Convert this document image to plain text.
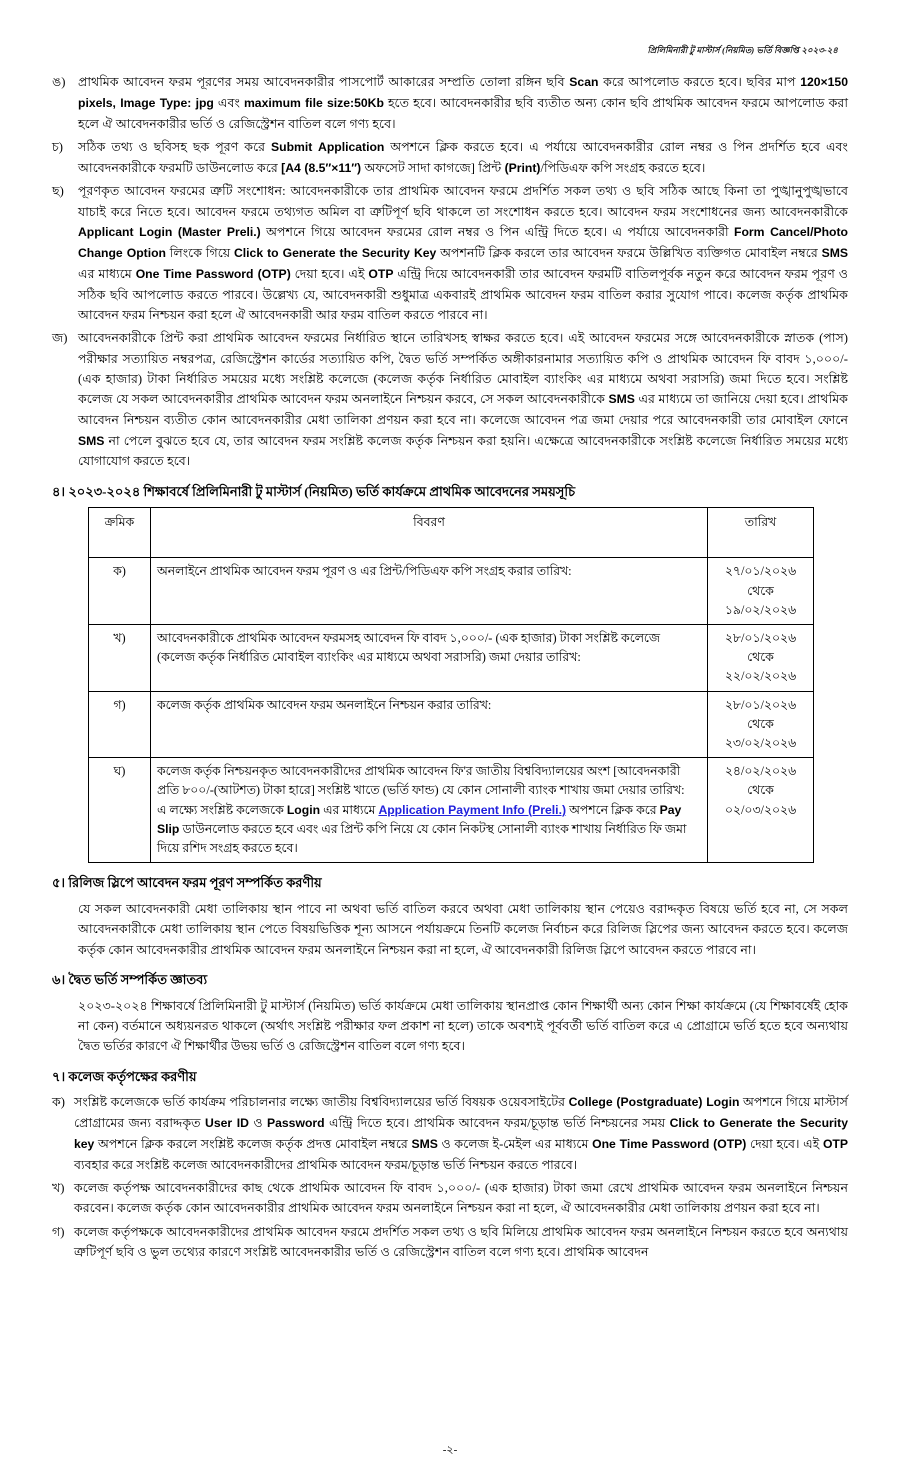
প্রিলিমিনারী টু মাস্টার্স (নিয়মিত) ভর্তি বিজ্ঞপ্তি ২০২৩-২৪
ঙ) প্রাথমিক আবেদন ফরম পূরণের সময় আবেদনকারীর পাসপোর্ট আকারের সম্প্রতি তোলা রঙ্গিন ছবি Scan করে আপলোড করতে হবে। ছবির মাপ 120×150 pixels, Image Type: jpg এবং maximum file size:50Kb হতে হবে। আবেদনকারীর ছবি ব্যতীত অন্য কোন ছবি প্রাথমিক আবেদন ফরমে আপলোড করা হলে ঐ আবেদনকারীর ভর্তি ও রেজিস্ট্রেশন বাতিল বলে গণ্য হবে।
চ)	সঠিক তথ্য ও ছবিসহ ছক পূরণ করে Submit Application অপশনে ক্লিক করতে হবে। এ পর্যায়ে আবেদনকারীর রোল নম্বর ও পিন প্রদর্শিত হবে এবং আবেদনকারীকে ফরমটি ডাউনলোড করে [A4 (8.5″×11″) অফসেট সাদা কাগজে] প্রিন্ট (Print)/পিডিএফ কপি সংগ্রহ করতে হবে।
ছ)	পূরণকৃত আবেদন ফরমের ত্রুটি সংশোধন: আবেদনকারীকে তার প্রাথমিক আবেদন ফরমে প্রদর্শিত সকল তথ্য ও ছবি সঠিক আছে কিনা তা পুঙ্খানুপুঙ্খভাবে যাচাই করে নিতে হবে। আবেদন ফরমে তথ্যগত অমিল বা ত্রুটিপূর্ণ ছবি থাকলে তা সংশোধন করতে হবে। আবেদন ফরম সংশোধনের জন্য আবেদনকারীকে Applicant Login (Master Preli.) অপশনে গিয়ে আবেদন ফরমের রোল নম্বর ও পিন এন্ট্রি দিতে হবে। এ পর্যায়ে আবেদনকারী Form Cancel/Photo Change Option লিংকে গিয়ে Click to Generate the Security Key অপশনটি ক্লিক করলে তার আবেদন ফরমে উল্লিখিত ব্যক্তিগত মোবাইল নম্বরে SMS এর মাধ্যমে One Time Password (OTP) দেয়া হবে। এই OTP এন্ট্রি দিয়ে আবেদনকারী তার আবেদন ফরমটি বাতিলপূর্বক নতুন করে আবেদন ফরম পূরণ ও সঠিক ছবি আপলোড করতে পারবে। উল্লেখ্য যে, আবেদনকারী শুধুমাত্র একবারই প্রাথমিক আবেদন ফরম বাতিল করার সুযোগ পাবে। কলেজ কর্তৃক প্রাথমিক আবেদন ফরম নিশ্চয়ন করা হলে ঐ আবেদনকারী আর ফরম বাতিল করতে পারবে না।
জ) আবেদনকারীকে প্রিন্ট করা প্রাথমিক আবেদন ফরমের নির্ধারিত স্থানে তারিখসহ স্বাক্ষর করতে হবে। এই আবেদন ফরমের সঙ্গে আবেদনকারীকে স্নাতক (পাস) পরীক্ষার সত্যায়িত নম্বরপত্র, রেজিস্ট্রেশন কার্ডের সত্যায়িত কপি, দ্বৈত ভর্তি সম্পর্কিত অঙ্গীকারনামার সত্যায়িত কপি ও প্রাথমিক আবেদন ফি বাবদ ১,০০০/- (এক হাজার) টাকা নির্ধারিত সময়ের মধ্যে সংশ্লিষ্ট কলেজে (কলেজ কর্তৃক নির্ধারিত মোবাইল ব্যাংকিং এর মাধ্যমে অথবা সরাসরি) জমা দিতে হবে। সংশ্লিষ্ট কলেজ যে সকল আবেদনকারীর প্রাথমিক আবেদন ফরম অনলাইনে নিশ্চয়ন করবে, সে সকল আবেদনকারীকে SMS এর মাধ্যমে তা জানিয়ে দেয়া হবে। প্রাথমিক আবেদন নিশ্চয়ন ব্যতীত কোন আবেদনকারীর মেধা তালিকা প্রণয়ন করা হবে না। কলেজে আবেদন পত্র জমা দেয়ার পরে আবেদনকারী তার মোবাইল ফোনে SMS না পেলে বুঝতে হবে যে, তার আবেদন ফরম সংশ্লিষ্ট কলেজ কর্তৃক নিশ্চয়ন করা হয়নি। এক্ষেত্রে আবেদনকারীকে সংশ্লিষ্ট কলেজে নির্ধারিত সময়ের মধ্যে যোগাযোগ করতে হবে।
৪। ২০২৩-২০২৪ শিক্ষাবর্ষে প্রিলিমিনারী টু মাস্টার্স (নিয়মিত) ভর্তি কার্যক্রমে প্রাথমিক আবেদনের সময়সূচি
ক্রমিক	বিবরণ	তারিখ
ক)	অনলাইনে প্রাথমিক আবেদন ফরম পূরণ ও এর প্রিন্ট/পিডিএফ কপি সংগ্রহ করার তারিখ:	২৭/০১/২০২৬
থেকে
১৯/০২/২০২৬
খ)	আবেদনকারীকে প্রাথমিক আবেদন ফরমসহ আবেদন ফি বাবদ ১,০০০/- (এক হাজার) টাকা সংশ্লিষ্ট কলেজে (কলেজ কর্তৃক নির্ধারিত মোবাইল ব্যাংকিং এর মাধ্যমে অথবা সরাসরি) জমা দেয়ার তারিখ:	২৮/০১/২০২৬
থেকে
২২/০২/২০২৬
গ)	কলেজ কর্তৃক প্রাথমিক আবেদন ফরম অনলাইনে নিশ্চয়ন করার তারিখ:	২৮/০১/২০২৬
থেকে
২৩/০২/২০২৬
ঘ)	কলেজ কর্তৃক নিশ্চয়নকৃত আবেদনকারীদের প্রাথমিক আবেদন ফি'র জাতীয় বিশ্ববিদ্যালয়ের অংশ [আবেদনকারী প্রতি ৮০০/-(আটশত) টাকা হারে] সংশ্লিষ্ট খাতে (ভর্তি ফান্ড) যে কোন সোনালী ব্যাংক শাখায় জমা দেয়ার তারিখ:
এ লক্ষ্যে সংশ্লিষ্ট কলেজকে Login এর মাধ্যমে Application Payment Info (Preli.) অপশনে ক্লিক করে Pay Slip ডাউনলোড করতে হবে এবং এর প্রিন্ট কপি নিয়ে যে কোন নিকটস্থ সোনালী ব্যাংক শাখায় নির্ধারিত ফি জমা দিয়ে রশিদ সংগ্রহ করতে হবে।
	২৪/০২/২০২৬
থেকে
০২/০৩/২০২৬
৫। রিলিজ স্লিপে আবেদন ফরম পূরণ সম্পর্কিত করণীয়
যে সকল আবেদনকারী মেধা তালিকায় স্থান পাবে না অথবা ভর্তি বাতিল করবে অথবা মেধা তালিকায় স্থান পেয়েও বরাদ্দকৃত বিষয়ে ভর্তি হবে না, সে সকল আবেদনকারীকে মেধা তালিকায় স্থান পেতে বিষয়ভিত্তিক শূন্য আসনে পর্যায়ক্রমে তিনটি কলেজ নির্বাচন করে রিলিজ স্লিপের জন্য আবেদন করতে হবে। কলেজ কর্তৃক কোন আবেদনকারীর প্রাথমিক আবেদন ফরম অনলাইনে নিশ্চয়ন করা না হলে, ঐ আবেদনকারী রিলিজ স্লিপে আবেদন করতে পারবে না।
৬। দ্বৈত ভর্তি সম্পর্কিত জ্ঞাতব্য
২০২৩-২০২৪ শিক্ষাবর্ষে প্রিলিমিনারী টু মাস্টার্স (নিয়মিত) ভর্তি কার্যক্রমে মেধা তালিকায় স্থানপ্রাপ্ত কোন শিক্ষার্থী অন্য কোন শিক্ষা কার্যক্রমে (যে শিক্ষাবর্ষেই হোক না কেন) বর্তমানে অধ্যয়নরত থাকলে (অর্থাৎ সংশ্লিষ্ট পরীক্ষার ফল প্রকাশ না হলে) তাকে অবশ্যই পূর্ববর্তী ভর্তি বাতিল করে এ প্রোগ্রামে ভর্তি হতে হবে অন্যথায় দ্বৈত ভর্তির কারণে ঐ শিক্ষার্থীর উভয় ভর্তি ও রেজিস্ট্রেশন বাতিল বলে গণ্য হবে।
৭। কলেজ কর্তৃপক্ষের করণীয়
ক) সংশ্লিষ্ট কলেজকে ভর্তি কার্যক্রম পরিচালনার লক্ষ্যে জাতীয় বিশ্ববিদ্যালয়ের ভর্তি বিষয়ক ওয়েবসাইটের College (Postgraduate) Login অপশনে গিয়ে মাস্টার্স প্রোগ্রামের জন্য বরাদ্দকৃত User ID ও Password এন্ট্রি দিতে হবে। প্রাথমিক আবেদন ফরম/চূড়ান্ত ভর্তি নিশ্চয়নের সময় Click to Generate the Security key অপশনে ক্লিক করলে সংশ্লিষ্ট কলেজ কর্তৃক প্রদত্ত মোবাইল নম্বরে SMS ও কলেজ ই-মেইল এর মাধ্যমে One Time Password (OTP) দেয়া হবে। এই OTP ব্যবহার করে সংশ্লিষ্ট কলেজ আবেদনকারীদের প্রাথমিক আবেদন ফরম/চূড়ান্ত ভর্তি নিশ্চয়ন করতে পারবে।
খ) কলেজ কর্তৃপক্ষ আবেদনকারীদের কাছ থেকে প্রাথমিক আবেদন ফি বাবদ ১,০০০/- (এক হাজার) টাকা জমা রেখে প্রাথমিক আবেদন ফরম অনলাইনে নিশ্চয়ন করবেন। কলেজ কর্তৃক কোন আবেদনকারীর প্রাথমিক আবেদন ফরম অনলাইনে নিশ্চয়ন করা না হলে, ঐ আবেদনকারীর মেধা তালিকায় প্রণয়ন করা হবে না।
গ) কলেজ কর্তৃপক্ষকে আবেদনকারীদের প্রাথমিক আবেদন ফরমে প্রদর্শিত সকল তথ্য ও ছবি মিলিয়ে প্রাথমিক আবেদন ফরম অনলাইনে নিশ্চয়ন করতে হবে অন্যথায় ত্রুটিপূর্ণ ছবি ও ভুল তথ্যের কারণে সংশ্লিষ্ট আবেদনকারীর ভর্তি ও রেজিস্ট্রেশন বাতিল বলে গণ্য হবে। প্রাথমিক আবেদন
-২-
